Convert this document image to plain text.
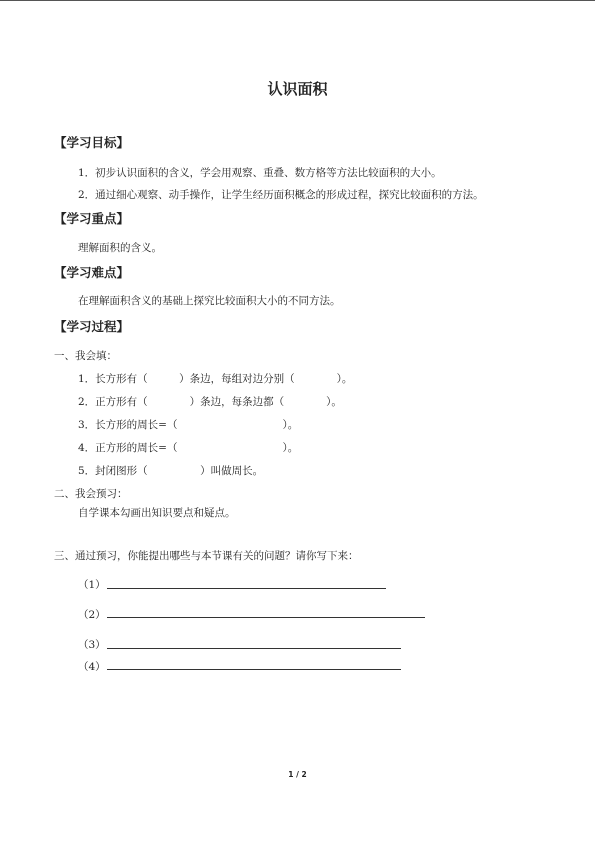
认识面积
【学习目标】
1．初步认识面积的含义，学会用观察、重叠、数方格等方法比较面积的大小。
2．通过细心观察、动手操作，让学生经历面积概念的形成过程，探究比较面积的方法。
【学习重点】
理解面积的含义。
【学习难点】
在理解面积含义的基础上探究比较面积大小的不同方法。
【学习过程】
一、我会填：
1．长方形有（　　　）条边，每组对边分别（　　　　）。
2．正方形有（　　　　）条边，每条边都（　　　　）。
3．长方形的周长=（　　　　　　　　　　）。
4．正方形的周长=（　　　　　　　　　　）。
5．封闭图形（　　　　　）叫做周长。
二、我会预习：
自学课本勾画出知识要点和疑点。
三、通过预习，你能提出哪些与本节课有关的问题？请你写下来：
（1）
（2）
（3）
（4）
1 / 2
